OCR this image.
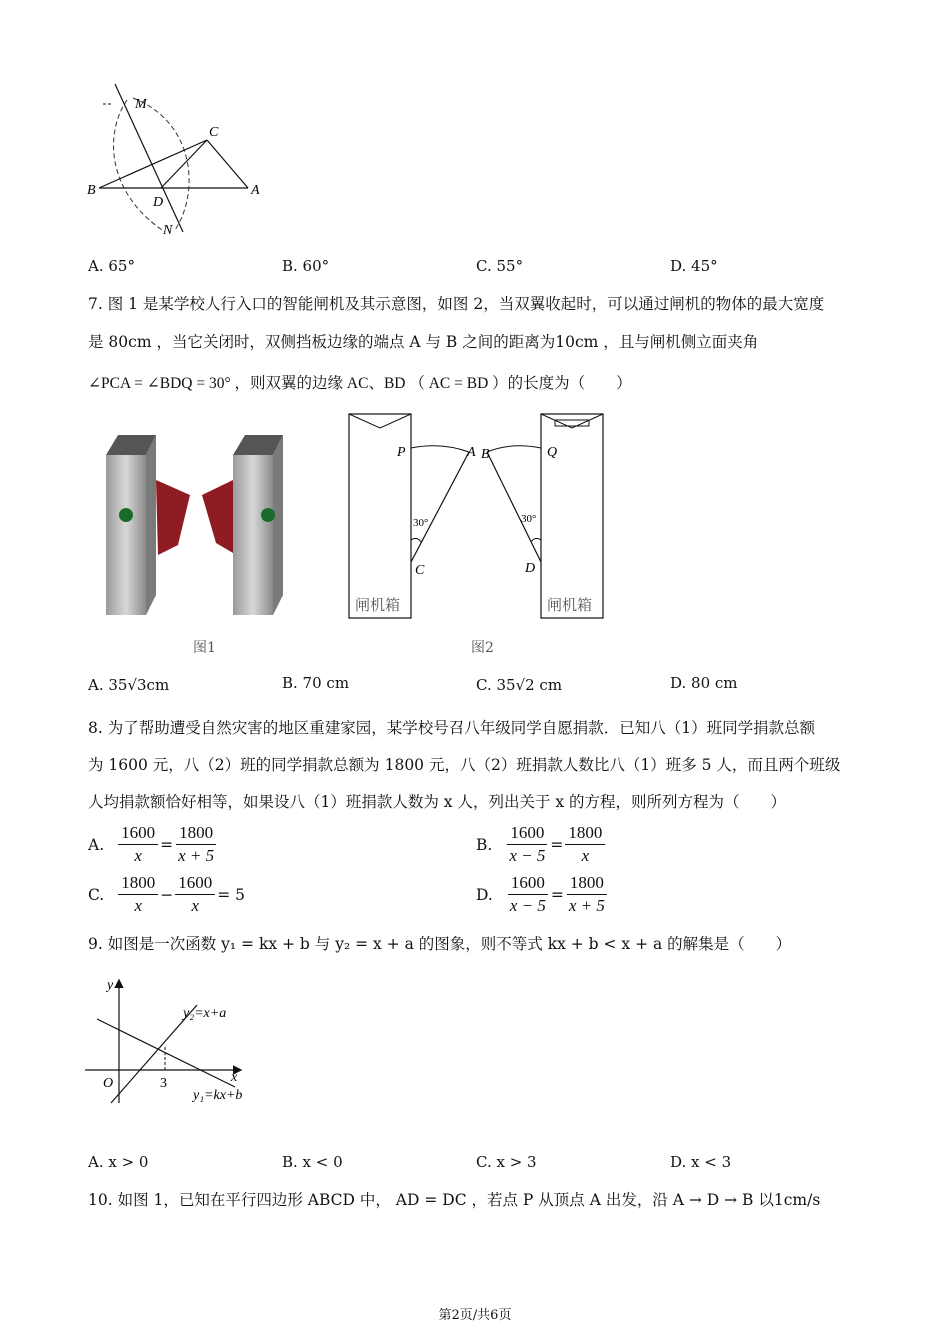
M
C
B
D
A
N
A. 65°	B. 60°	C. 55°	D. 45°
7. 图 1 是某学校人行入口的智能闸机及其示意图，如图 2，当双翼收起时，可以通过闸机的物体的最大宽度
是 80cm ，当它关闭时，双侧挡板边缘的端点 A 与 B 之间的距离为10cm ，且与闸机侧立面夹角
∠PCA = ∠BDQ = 30° ，则双翼的边缘 AC、BD （ AC = BD ）的长度为（　　）
P	A B	Q
30°	30°
C	D
闸机箱	闸机箱
图1	图2
A. 35√3cm	B. 70 cm	C. 35√2 cm	D. 80 cm
8. 为了帮助遭受自然灾害的地区重建家园，某学校号召八年级同学自愿捐款．已知八（1）班同学捐款总额
为 1600 元，八（2）班的同学捐款总额为 1800 元，八（2）班捐款人数比八（1）班多 5 人，而且两个班级
人均捐款额恰好相等，如果设八（1）班捐款人数为 x 人，列出关于 x 的方程，则所列方程为（　　）
A. $\frac{1600}{x} = \frac{1800}{x + 5}$	B. $\frac{1600}{x - 5} = \frac{1800}{x}$
C. $\frac{1800}{x} - \frac{1600}{x} = 5$	D. $\frac{1600}{x - 5} = \frac{1800}{x + 5}$
9. 如图是一次函数 y₁ = kx + b 与 y₂ = x + a 的图象，则不等式 kx + b < x + a 的解集是（　　）
y
x
O	3
y₂=x+a
y₁=kx+b
A. x > 0	B. x < 0	C. x > 3	D. x < 3
10. 如图 1，已知在平行四边形 ABCD 中， AD = DC ，若点 P 从顶点 A 出发，沿 A → D → B 以1cm/s
第2页/共6页
